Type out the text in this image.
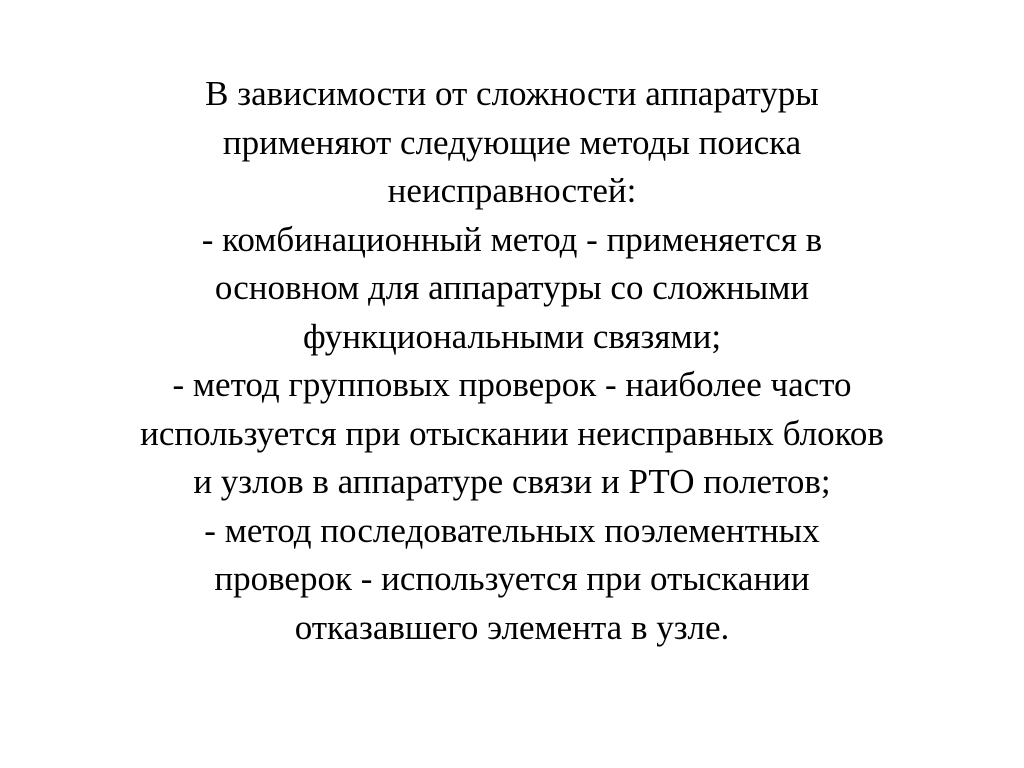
В зависимости от сложности аппаратуры
применяют следующие методы поиска
неисправностей:
- комбинационный метод - применяется в
основном для аппаратуры со сложными
функциональными связями;
- метод групповых проверок - наиболее часто
используется при отыскании неисправных блоков
и узлов в аппаратуре связи и РТО полетов;
- метод последовательных поэлементных
проверок - используется при отыскании
отказавшего элемента в узле.
